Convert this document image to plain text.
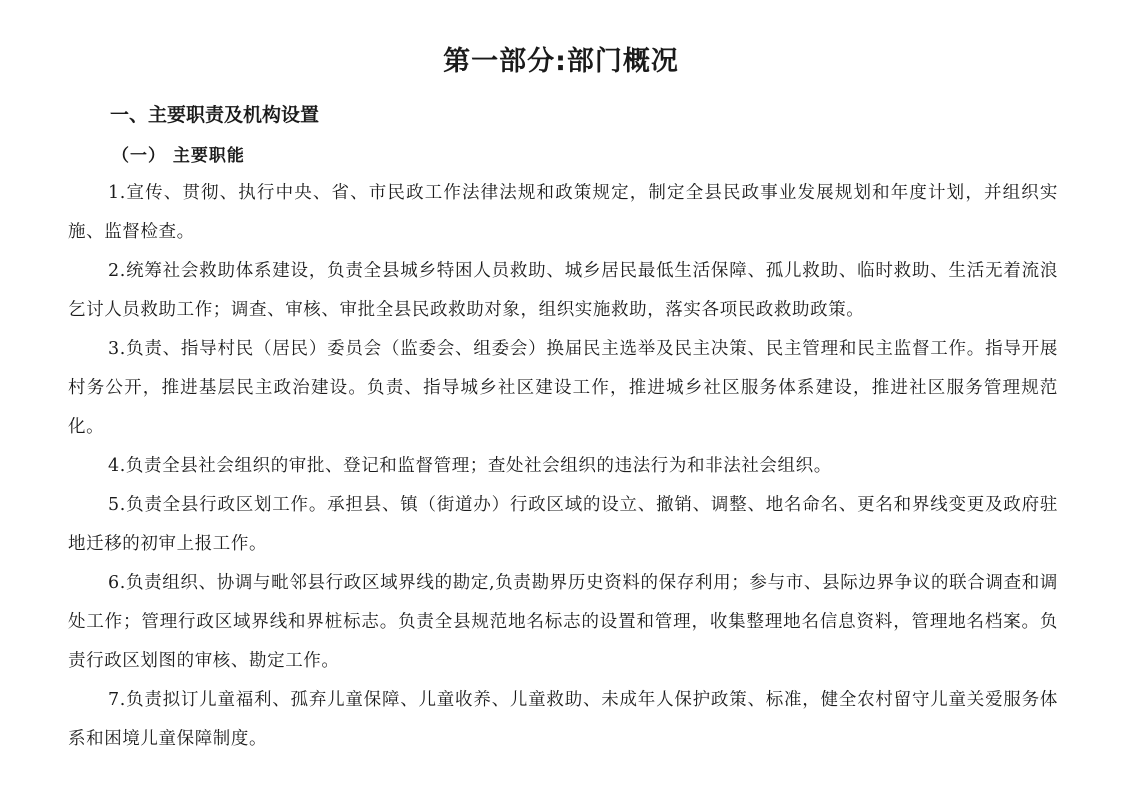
第一部分:部门概况
一、主要职责及机构设置
（一） 主要职能

1.宣传、贯彻、执行中央、省、市民政工作法律法规和政策规定，制定全县民政事业发展规划和年度计划，并组织实施、监督检查。

2.统筹社会救助体系建设，负责全县城乡特困人员救助、城乡居民最低生活保障、孤儿救助、临时救助、生活无着流浪乞讨人员救助工作；调查、审核、审批全县民政救助对象，组织实施救助，落实各项民政救助政策。

3.负责、指导村民（居民）委员会（监委会、组委会）换届民主选举及民主决策、民主管理和民主监督工作。指导开展村务公开，推进基层民主政治建设。负责、指导城乡社区建设工作，推进城乡社区服务体系建设，推进社区服务管理规范化。

4.负责全县社会组织的审批、登记和监督管理；查处社会组织的违法行为和非法社会组织。

5.负责全县行政区划工作。承担县、镇（街道办）行政区域的设立、撤销、调整、地名命名、更名和界线变更及政府驻地迁移的初审上报工作。

6.负责组织、协调与毗邻县行政区域界线的勘定,负责勘界历史资料的保存利用；参与市、县际边界争议的联合调查和调处工作；管理行政区域界线和界桩标志。负责全县规范地名标志的设置和管理，收集整理地名信息资料，管理地名档案。负责行政区划图的审核、勘定工作。

7.负责拟订儿童福利、孤弃儿童保障、儿童收养、儿童救助、未成年人保护政策、标准，健全农村留守儿童关爱服务体系和困境儿童保障制度。
